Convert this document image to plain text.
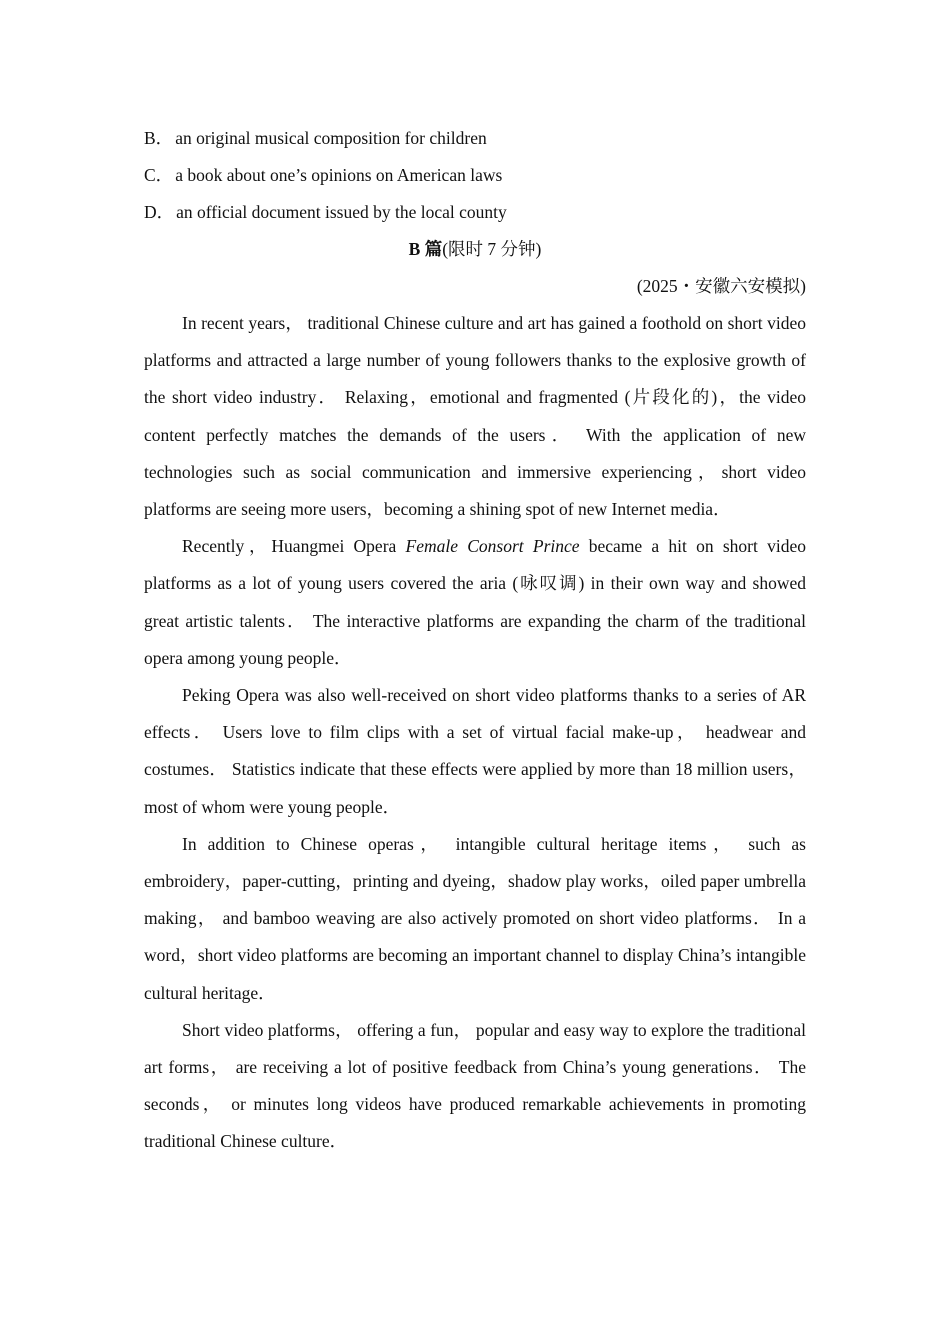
B． an original musical composition for children
C． a book about one’s opinions on American laws
D． an official document issued by the local county
B 篇(限时 7 分钟)
(2025・安徽六安模拟)

In recent years， traditional Chinese culture and art has gained a foothold on short video platforms and attracted a large number of young followers thanks to the explosive growth of the short video industry． Relaxing，emotional and fragmented (片段化的)，the video content perfectly matches the demands of the users． With the application of new technologies such as social communication and immersive experiencing，short video platforms are seeing more users，becoming a shining spot of new Internet media．

Recently，Huangmei Opera Female Consort Prince became a hit on short video platforms as a lot of young users covered the aria (咏叹调) in their own way and showed great artistic talents． The interactive platforms are expanding the charm of the traditional opera among young people．

Peking Opera was also well-received on short video platforms thanks to a series of AR effects． Users love to film clips with a set of virtual facial make-up， headwear and costumes． Statistics indicate that these effects were applied by more than 18 million users，most of whom were young people．

In addition to Chinese operas， intangible cultural heritage items， such as embroidery，paper-cutting，printing and dyeing，shadow play works，oiled paper umbrella making， and bamboo weaving are also actively promoted on short video platforms． In a word，short video platforms are becoming an important channel to display China’s intangible cultural heritage．

Short video platforms， offering a fun， popular and easy way to explore the traditional art forms， are receiving a lot of positive feedback from China’s young generations． The seconds， or minutes long videos have produced remarkable achievements in promoting traditional Chinese culture．
